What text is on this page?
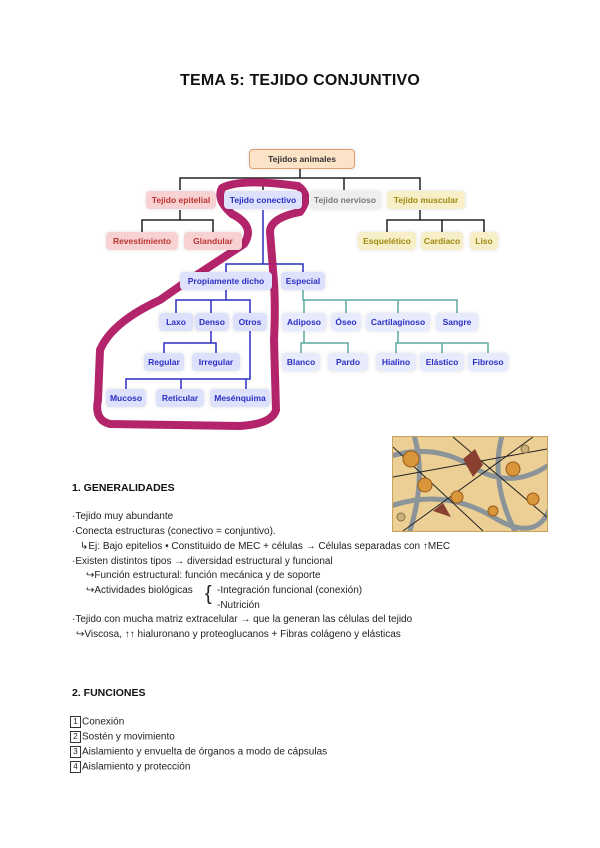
TEMA 5: TEJIDO CONJUNTIVO
Tejidos animales
Tejido epitelial	Tejido conectivo	Tejido nervioso	Tejido muscular
Revestimiento	Glandular	Esquelético	Cardiaco	Liso
Propiamente dicho	Especial
Laxo	Denso	Otros
Regular	Irregular
Mucoso	Reticular	Mesénquima
Adiposo	Óseo	Cartilaginoso	Sangre
Blanco	Pardo	Hialino	Elástico	Fibroso
1. GENERALIDADES
·Tejido muy abundante
·Conecta estructuras (conectivo = conjuntivo).
↳Ej: Bajo epitelios • Constituido de MEC + células → Células separadas con ↑MEC
·Existen distintos tipos → diversidad estructural y funcional
↪Función estructural: función mecánica y de soporte
↪Actividades biológicas { -Integración funcional (conexión)
-Nutrición
·Tejido con mucha matriz extracelular → que la generan las células del tejido
↪Viscosa, ↑↑ hialuronano y proteoglucanos + Fibras colágeno y elásticas
2. FUNCIONES
1 Conexión
2 Sostén y movimiento
3 Aislamiento y envuelta de órganos a modo de cápsulas
4 Aislamiento y protección
